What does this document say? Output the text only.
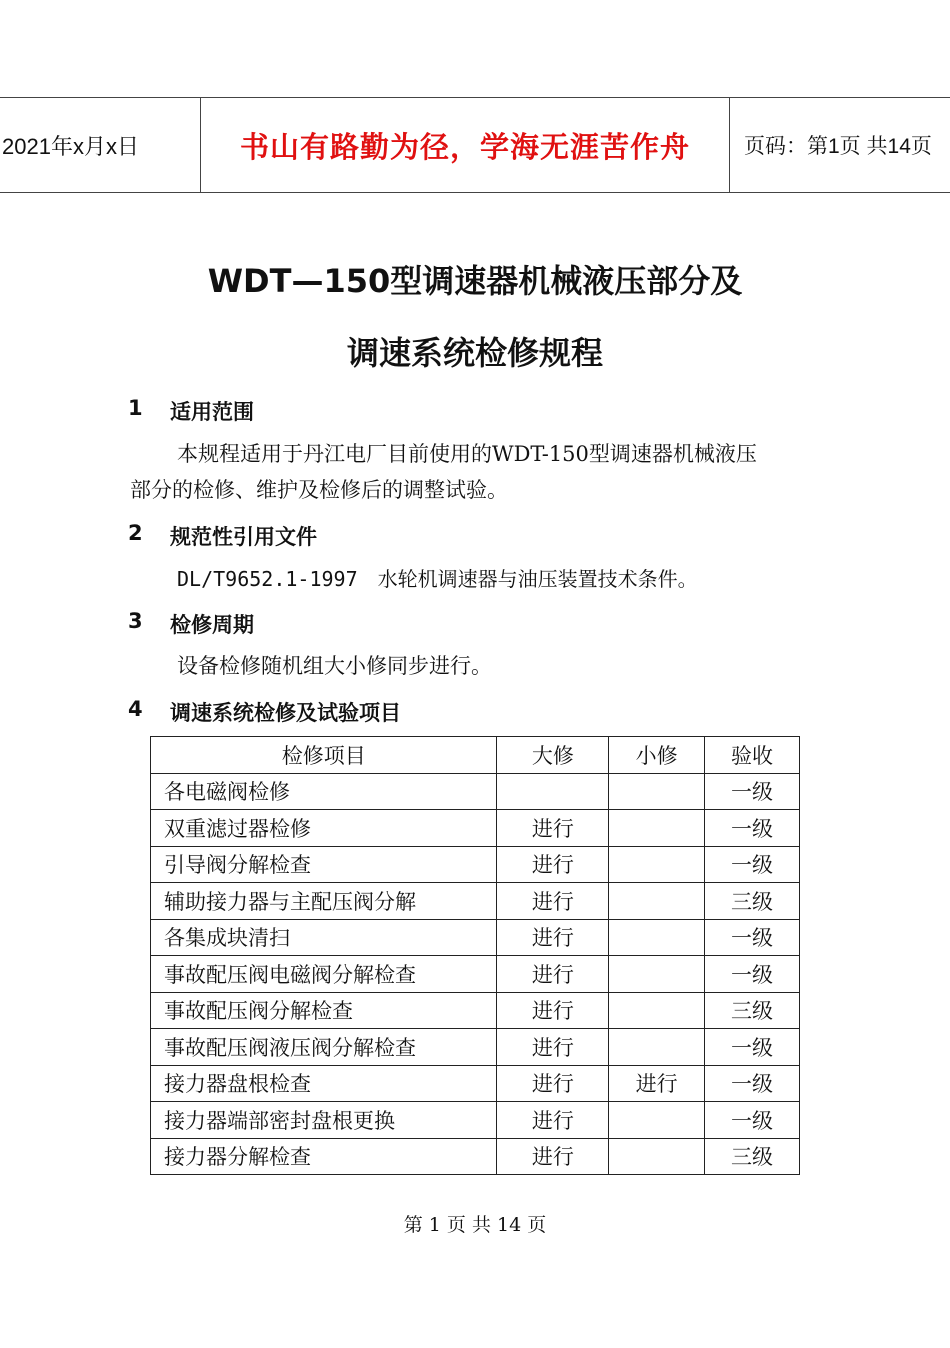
2021年x月x日	书山有路勤为径，学海无涯苦作舟	页码：第1页 共14页
WDT—150型调速器机械液压部分及
调速系统检修规程
1	适用范围
本规程适用于丹江电厂目前使用的WDT-150型调速器机械液压
部分的检修、维护及检修后的调整试验。
2	规范性引用文件
DL/T9652.1-1997　水轮机调速器与油压装置技术条件。
3	检修周期
设备检修随机组大小修同步进行。
4	调速系统检修及试验项目
检修项目	大修	小修	验收
各电磁阀检修			一级
双重滤过器检修	进行		一级
引导阀分解检查	进行		一级
辅助接力器与主配压阀分解	进行		三级
各集成块清扫	进行		一级
事故配压阀电磁阀分解检查	进行		一级
事故配压阀分解检查	进行		三级
事故配压阀液压阀分解检查	进行		一级
接力器盘根检查	进行	进行	一级
接力器端部密封盘根更换	进行		一级
接力器分解检查	进行		三级
第 1 页 共 14 页
